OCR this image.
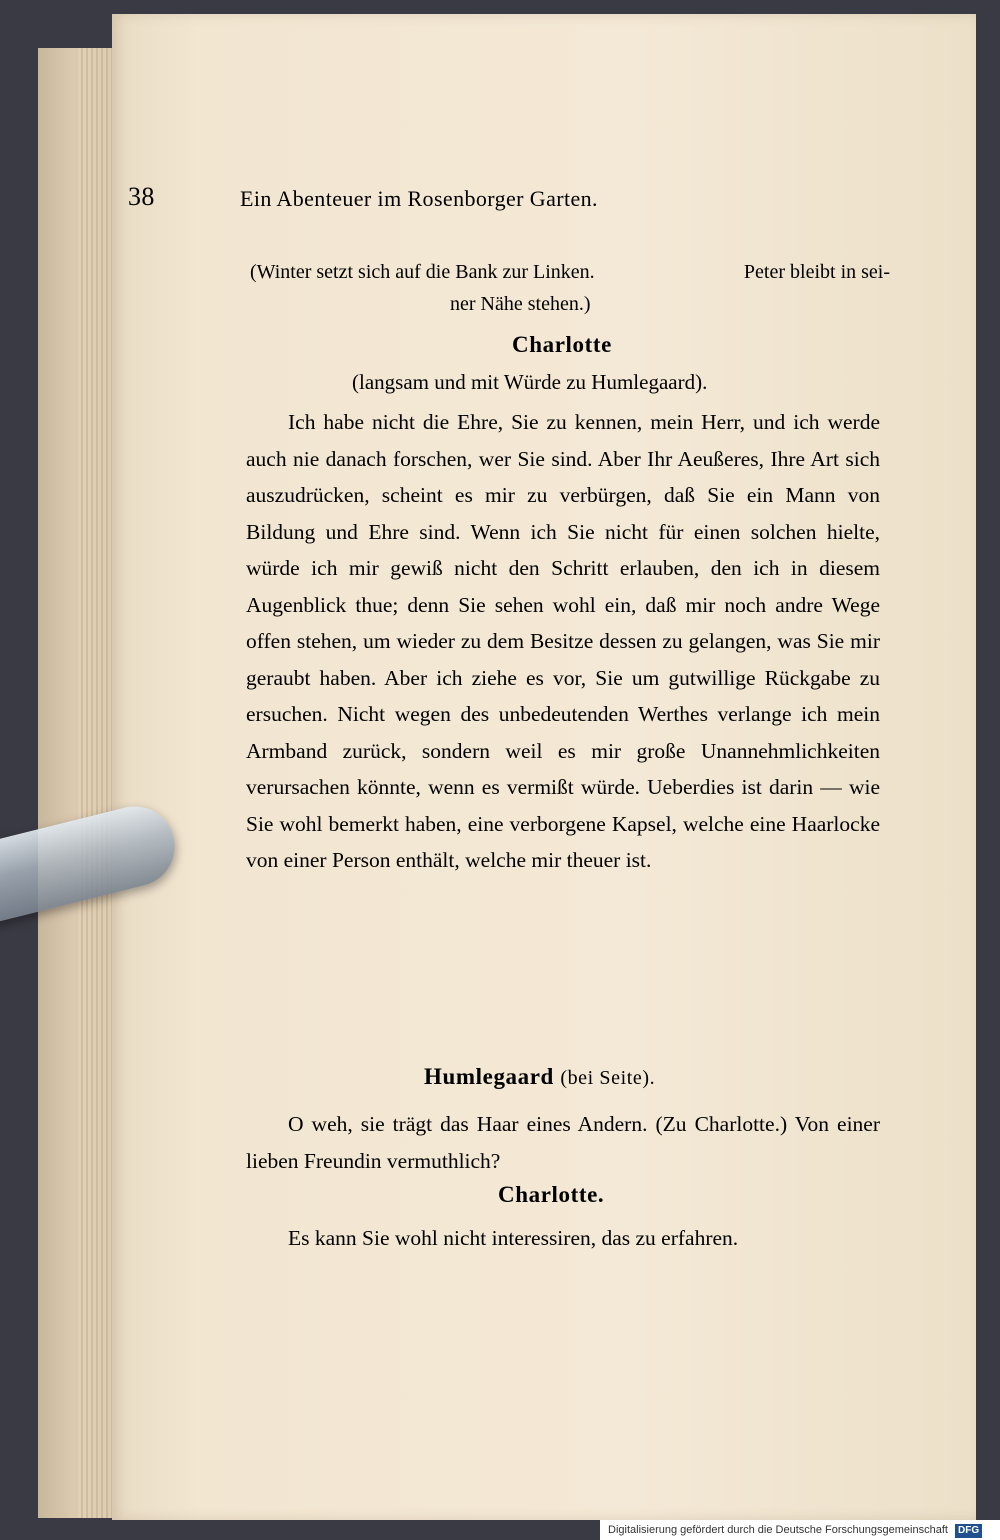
38	Ein Abenteuer im Rosenborger Garten.
(Winter setzt sich auf die Bank zur Linken.	Peter bleibt in sei-
ner Nähe stehen.)
Charlotte
(langsam und mit Würde zu Humlegaard).
Ich habe nicht die Ehre, Sie zu kennen, mein Herr, und ich werde auch nie danach forschen, wer Sie sind. Aber Ihr Aeußeres, Ihre Art sich auszudrücken, scheint es mir zu verbürgen, daß Sie ein Mann von Bildung und Ehre sind. Wenn ich Sie nicht für einen solchen hielte, würde ich mir gewiß nicht den Schritt erlauben, den ich in diesem Augenblick thue; denn Sie sehen wohl ein, daß mir noch andre Wege offen stehen, um wieder zu dem Besitze dessen zu gelangen, was Sie mir geraubt haben. Aber ich ziehe es vor, Sie um gutwillige Rückgabe zu ersuchen. Nicht wegen des unbedeutenden Werthes verlange ich mein Armband zurück, sondern weil es mir große Unannehmlichkeiten verursachen könnte, wenn es vermißt würde. Ueberdies ist darin — wie Sie wohl bemerkt haben, eine verborgene Kapsel, welche eine Haarlocke von einer Person enthält, welche mir theuer ist.
Humlegaard (bei Seite).
O weh, sie trägt das Haar eines Andern. (Zu Charlotte.) Von einer lieben Freundin vermuthlich?
Charlotte.
Es kann Sie wohl nicht interessiren, das zu erfahren.
Digitalisierung gefördert durch die Deutsche Forschungsgemeinschaft DFG
